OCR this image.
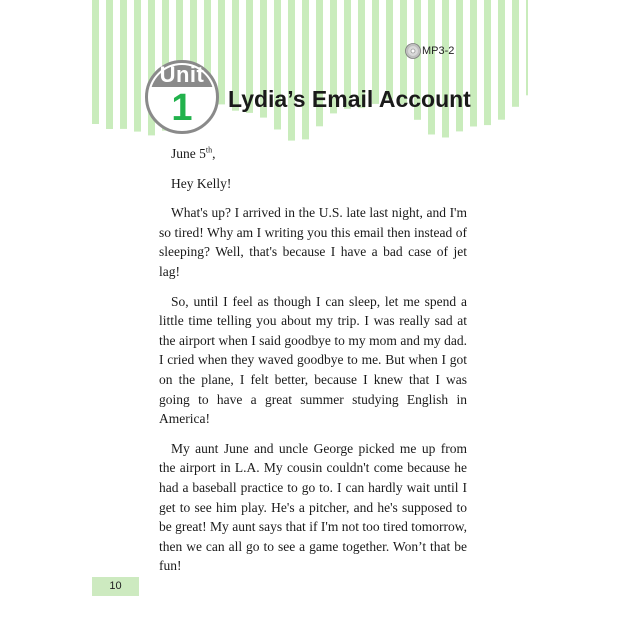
MP3-2
Unit
1	Lydia’s Email Account

June 5th,

Hey Kelly!

What's up? I arrived in the U.S. late last night, and I'm so tired! Why am I writing you this email then instead of sleeping? Well, that's because I have a bad case of jet lag!

So, until I feel as though I can sleep, let me spend a little time telling you about my trip. I was really sad at the airport when I said goodbye to my mom and my dad. I cried when they waved goodbye to me. But when I got on the plane, I felt better, because I knew that I was going to have a great summer studying English in America!

My aunt June and uncle George picked me up from the airport in L.A. My cousin couldn't come because he had a baseball practice to go to. I can hardly wait until I get to see him play. He's a pitcher, and he's supposed to be great! My aunt says that if I'm not too tired tomorrow, then we can all go to see a game together. Won’t that be fun!

10
